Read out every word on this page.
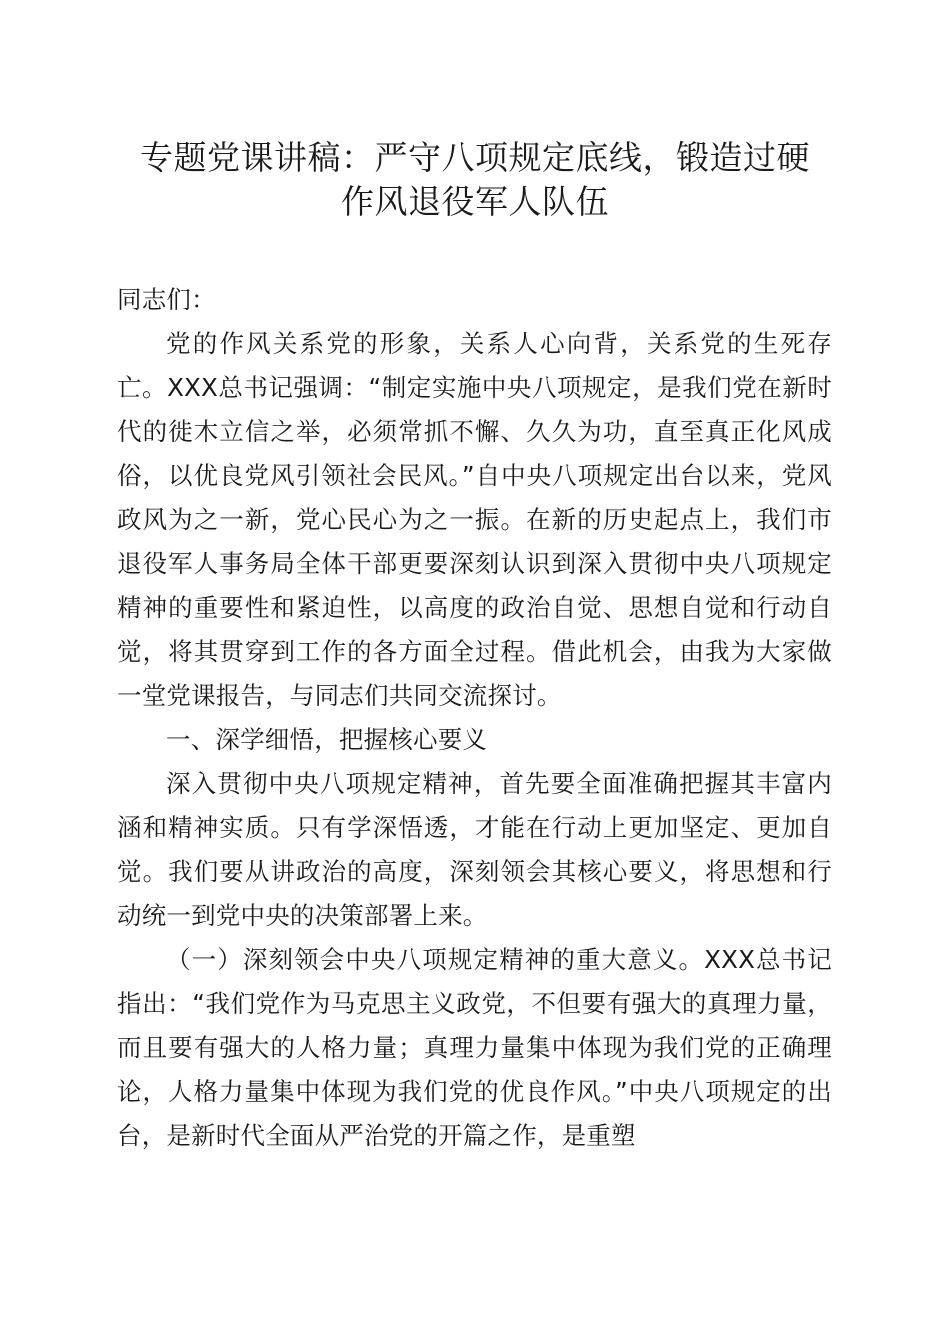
专题党课讲稿：严守八项规定底线，锻造过硬
作风退役军人队伍

同志们：

党的作风关系党的形象，关系人心向背，关系党的生死存亡。XXX总书记强调：“制定实施中央八项规定，是我们党在新时代的徙木立信之举，必须常抓不懈、久久为功，直至真正化风成俗，以优良党风引领社会民风。”自中央八项规定出台以来，党风政风为之一新，党心民心为之一振。在新的历史起点上，我们市退役军人事务局全体干部更要深刻认识到深入贯彻中央八项规定精神的重要性和紧迫性，以高度的政治自觉、思想自觉和行动自觉，将其贯穿到工作的各方面全过程。借此机会，由我为大家做一堂党课报告，与同志们共同交流探讨。

一、深学细悟，把握核心要义

深入贯彻中央八项规定精神，首先要全面准确把握其丰富内涵和精神实质。只有学深悟透，才能在行动上更加坚定、更加自觉。我们要从讲政治的高度，深刻领会其核心要义，将思想和行动统一到党中央的决策部署上来。

（一）深刻领会中央八项规定精神的重大意义。XXX总书记指出：“我们党作为马克思主义政党，不但要有强大的真理力量，而且要有强大的人格力量；真理力量集中体现为我们党的正确理论，人格力量集中体现为我们党的优良作风。”中央八项规定的出台，是新时代全面从严治党的开篇之作，是重塑
